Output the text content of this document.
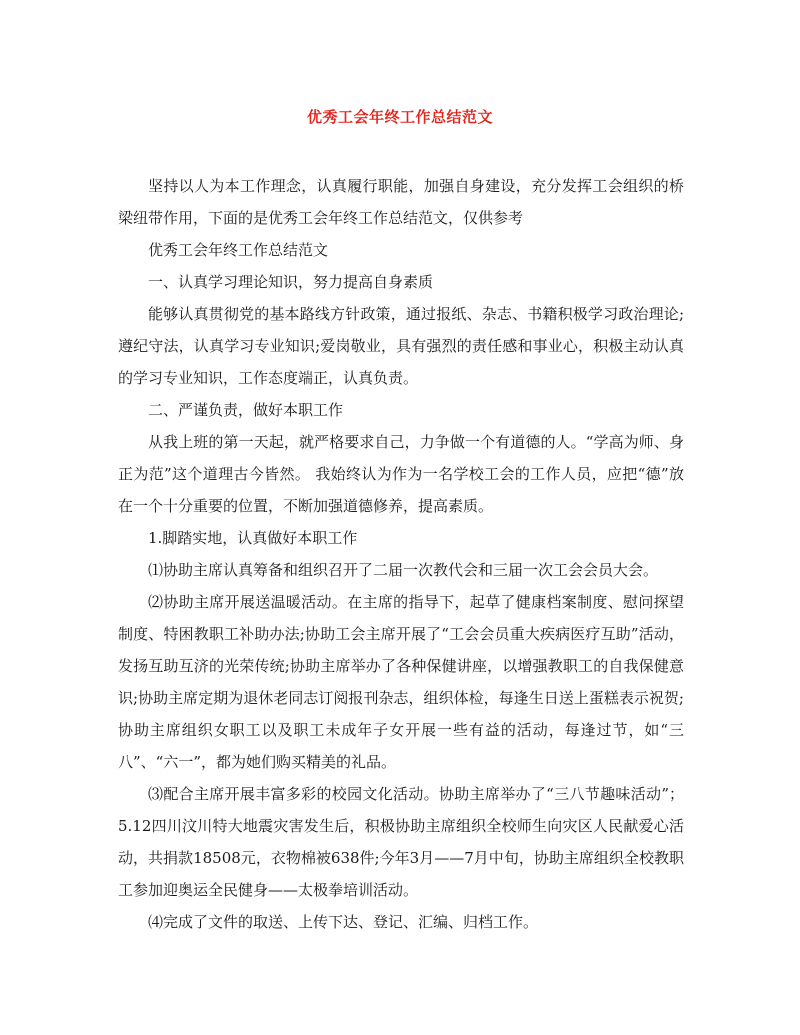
优秀工会年终工作总结范文

坚持以人为本工作理念，认真履行职能，加强自身建设，充分发挥工会组织的桥梁纽带作用，下面的是优秀工会年终工作总结范文，仅供参考

优秀工会年终工作总结范文

一、认真学习理论知识，努力提高自身素质

能够认真贯彻党的基本路线方针政策，通过报纸、杂志、书籍积极学习政治理论;遵纪守法，认真学习专业知识;爱岗敬业，具有强烈的责任感和事业心，积极主动认真的学习专业知识，工作态度端正，认真负责。

二、严谨负责，做好本职工作

从我上班的第一天起，就严格要求自己，力争做一个有道德的人。“学高为师、身正为范”这个道理古今皆然。 我始终认为作为一名学校工会的工作人员，应把“德”放在一个十分重要的位置，不断加强道德修养，提高素质。

1.脚踏实地，认真做好本职工作

⑴协助主席认真筹备和组织召开了二届一次教代会和三届一次工会会员大会。

⑵协助主席开展送温暖活动。在主席的指导下，起草了健康档案制度、慰问探望制度、特困教职工补助办法;协助工会主席开展了“工会会员重大疾病医疗互助”活动，发扬互助互济的光荣传统;协助主席举办了各种保健讲座，以增强教职工的自我保健意识;协助主席定期为退休老同志订阅报刊杂志，组织体检，每逢生日送上蛋糕表示祝贺;协助主席组织女职工以及职工未成年子女开展一些有益的活动，每逢过节，如“三八”、“六一”，都为她们购买精美的礼品。

⑶配合主席开展丰富多彩的校园文化活动。协助主席举办了“三八节趣味活动”；5.12四川汶川特大地震灾害发生后，积极协助主席组织全校师生向灾区人民献爱心活动，共捐款18508元，衣物棉被638件;今年3月——7月中旬，协助主席组织全校教职工参加迎奥运全民健身——太极拳培训活动。

⑷完成了文件的取送、上传下达、登记、汇编、归档工作。
